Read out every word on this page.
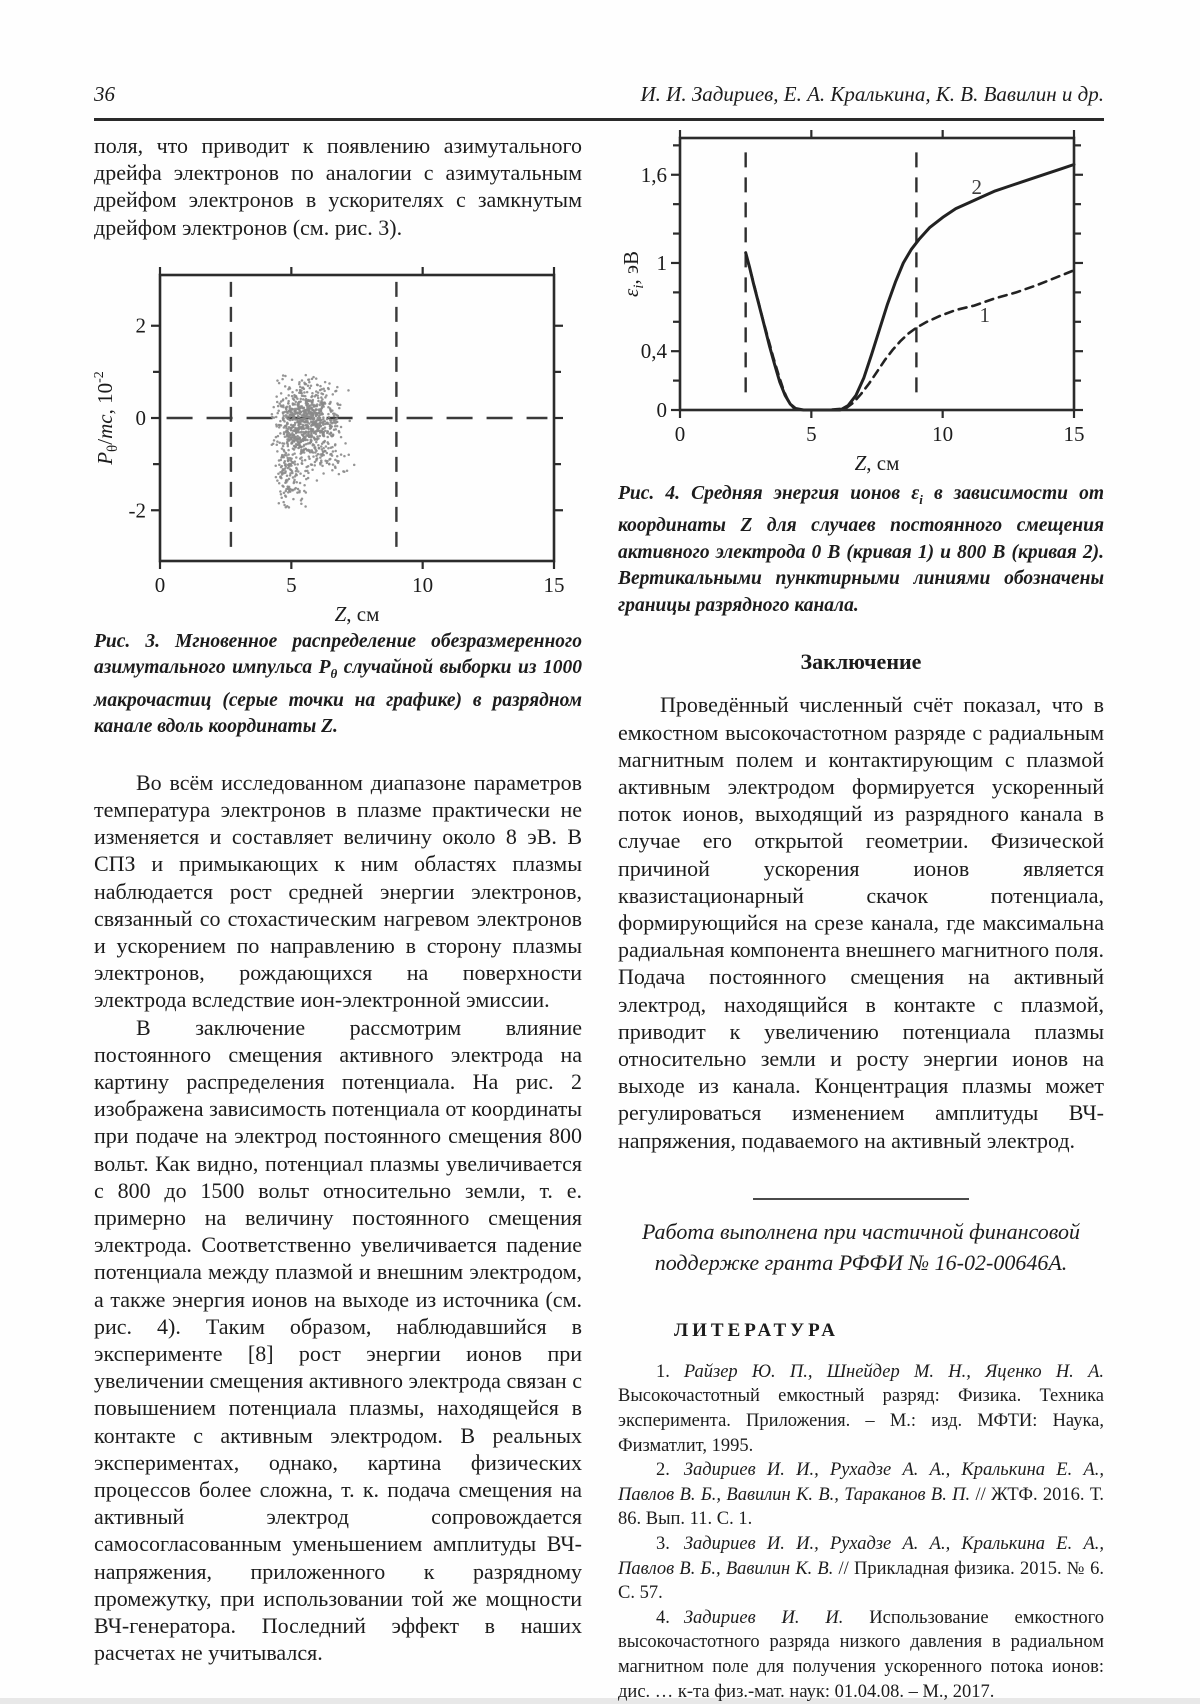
36	И. И. Задириев, Е. А. Кралькина, К. В. Вавилин и др.

поля, что приводит к появлению азимутального дрейфа электронов по аналогии с азимутальным дрейфом электронов в ускорителях с замкнутым дрейфом электронов (см. рис. 3).

0	5	10	15
-2
0
2
Z, см
$P_\theta/mc$, $10^{-2}$

Рис. 3. Мгновенное распределение обезразмеренного азимутального импульса $P_\theta$ случайной выборки из 1000 макрочастиц (серые точки на графике) в разрядном канале вдоль координаты Z.

Во всём исследованном диапазоне параметров температура электронов в плазме практически не изменяется и составляет величину около 8 эВ. В СПЗ и примыкающих к ним областях плазмы наблюдается рост средней энергии электронов, связанный со стохастическим нагревом электронов и ускорением по направлению в сторону плазмы электронов, рождающихся на поверхности электрода вследствие ион-электронной эмиссии.

В заключение рассмотрим влияние постоянного смещения активного электрода на картину распределения потенциала. На рис. 2 изображена зависимость потенциала от координаты при подаче на электрод постоянного смещения 800 вольт. Как видно, потенциал плазмы увеличивается с 800 до 1500 вольт относительно земли, т. е. примерно на величину постоянного смещения электрода. Соответственно увеличивается падение потенциала между плазмой и внешним электродом, а также энергия ионов на выходе из источника (см. рис. 4). Таким образом, наблюдавшийся в эксперименте [8] рост энергии ионов при увеличении смещения активного электрода связан с повышением потенциала плазмы, находящейся в контакте с активным электродом. В реальных экспериментах, однако, картина физических процессов более сложна, т. к. подача смещения на активный электрод сопровождается самосогласованным уменьшением амплитуды ВЧ-напряжения, приложенного к разрядному промежутку, при использовании той же мощности ВЧ-генератора. Последний эффект в наших расчетах не учитывался.

1
2
0	5	10	15
0
0,4
1
1,6
Z, см
$\varepsilon_i$, эВ

Рис. 4. Средняя энергия ионов $\varepsilon_i$ в зависимости от координаты Z для случаев постоянного смещения активного электрода 0 В (кривая 1) и 800 В (кривая 2). Вертикальными пунктирными линиями обозначены границы разрядного канала.

Заключение

Проведённый численный счёт показал, что в емкостном высокочастотном разряде с радиальным магнитным полем и контактирующим с плазмой активным электродом формируется ускоренный поток ионов, выходящий из разрядного канала в случае его открытой геометрии. Физической причиной ускорения ионов является квазистационарный скачок потенциала, формирующийся на срезе канала, где максимальна радиальная компонента внешнего магнитного поля. Подача постоянного смещения на активный электрод, находящийся в контакте с плазмой, приводит к увеличению потенциала плазмы относительно земли и росту энергии ионов на выходе из канала. Концентрация плазмы может регулироваться изменением амплитуды ВЧ-напряжения, подаваемого на активный электрод.

Работа выполнена при частичной финансовой поддержке гранта РФФИ № 16-02-00646А.

ЛИТЕРАТУРА

1. Райзер Ю. П., Шнейдер М. Н., Яценко Н. А. Высокочастотный емкостный разряд: Физика. Техника эксперимента. Приложения. – М.: изд. МФТИ: Наука, Физматлит, 1995.

2. Задириев И. И., Рухадзе А. А., Кралькина Е. А., Павлов В. Б., Вавилин К. В., Тараканов В. П. // ЖТФ. 2016. Т. 86. Вып. 11. С. 1.

3. Задириев И. И., Рухадзе А. А., Кралькина Е. А., Павлов В. Б., Вавилин К. В. // Прикладная физика. 2015. № 6. С. 57.

4. Задириев И. И. Использование емкостного высокочастотного разряда низкого давления в радиальном магнитном поле для получения ускоренного потока ионов: дис. … к-та физ.-мат. наук: 01.04.08. – М., 2017.
